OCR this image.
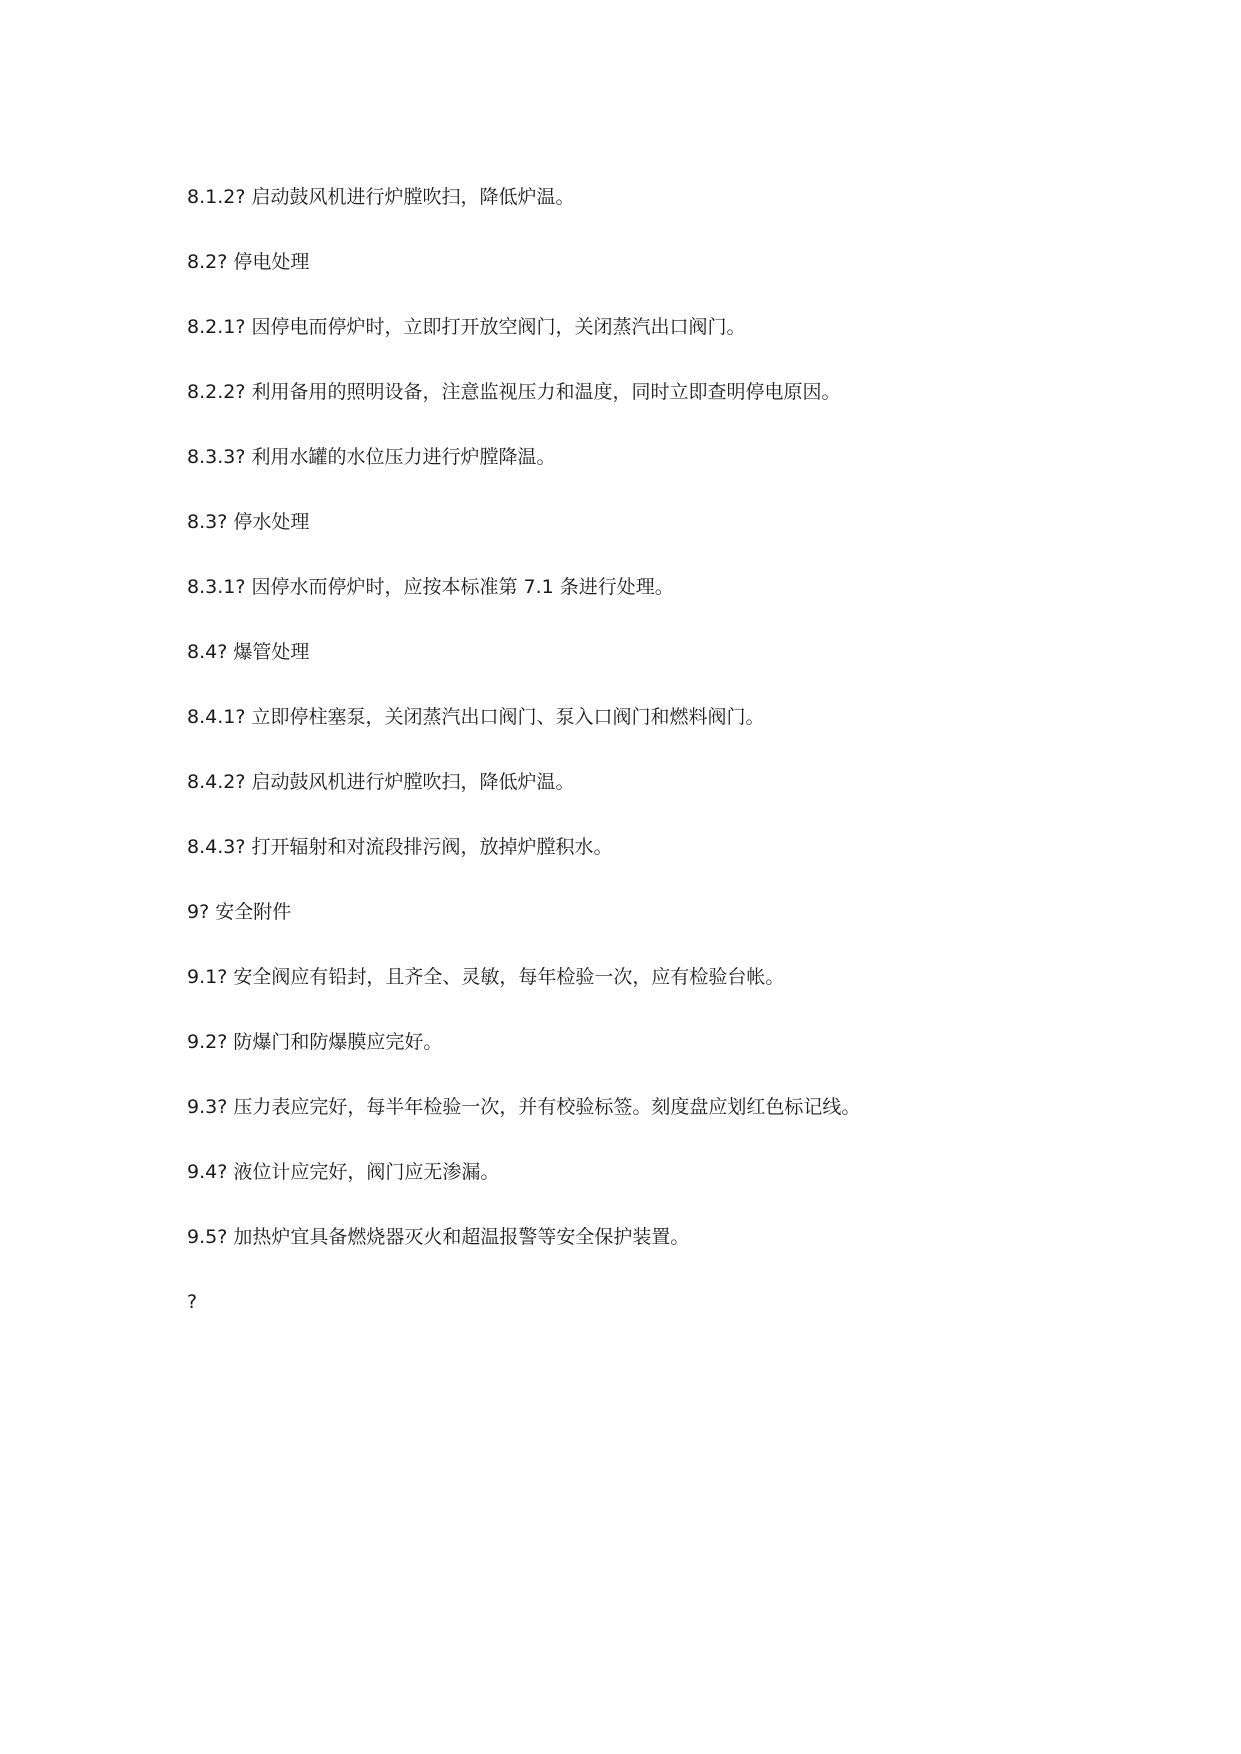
8.1.2? 启动鼓风机进行炉膛吹扫，降低炉温。
8.2? 停电处理
8.2.1? 因停电而停炉时，立即打开放空阀门，关闭蒸汽出口阀门。
8.2.2? 利用备用的照明设备，注意监视压力和温度，同时立即查明停电原因。
8.3.3? 利用水罐的水位压力进行炉膛降温。
8.3? 停水处理
8.3.1? 因停水而停炉时，应按本标准第 7.1 条进行处理。
8.4? 爆管处理
8.4.1? 立即停柱塞泵，关闭蒸汽出口阀门、泵入口阀门和燃料阀门。
8.4.2? 启动鼓风机进行炉膛吹扫，降低炉温。
8.4.3? 打开辐射和对流段排污阀，放掉炉膛积水。
9? 安全附件
9.1? 安全阀应有铅封，且齐全、灵敏，每年检验一次，应有检验台帐。
9.2? 防爆门和防爆膜应完好。
9.3? 压力表应完好，每半年检验一次，并有校验标签。刻度盘应划红色标记线。
9.4? 液位计应完好，阀门应无渗漏。
9.5? 加热炉宜具备燃烧器灭火和超温报警等安全保护装置。
?
